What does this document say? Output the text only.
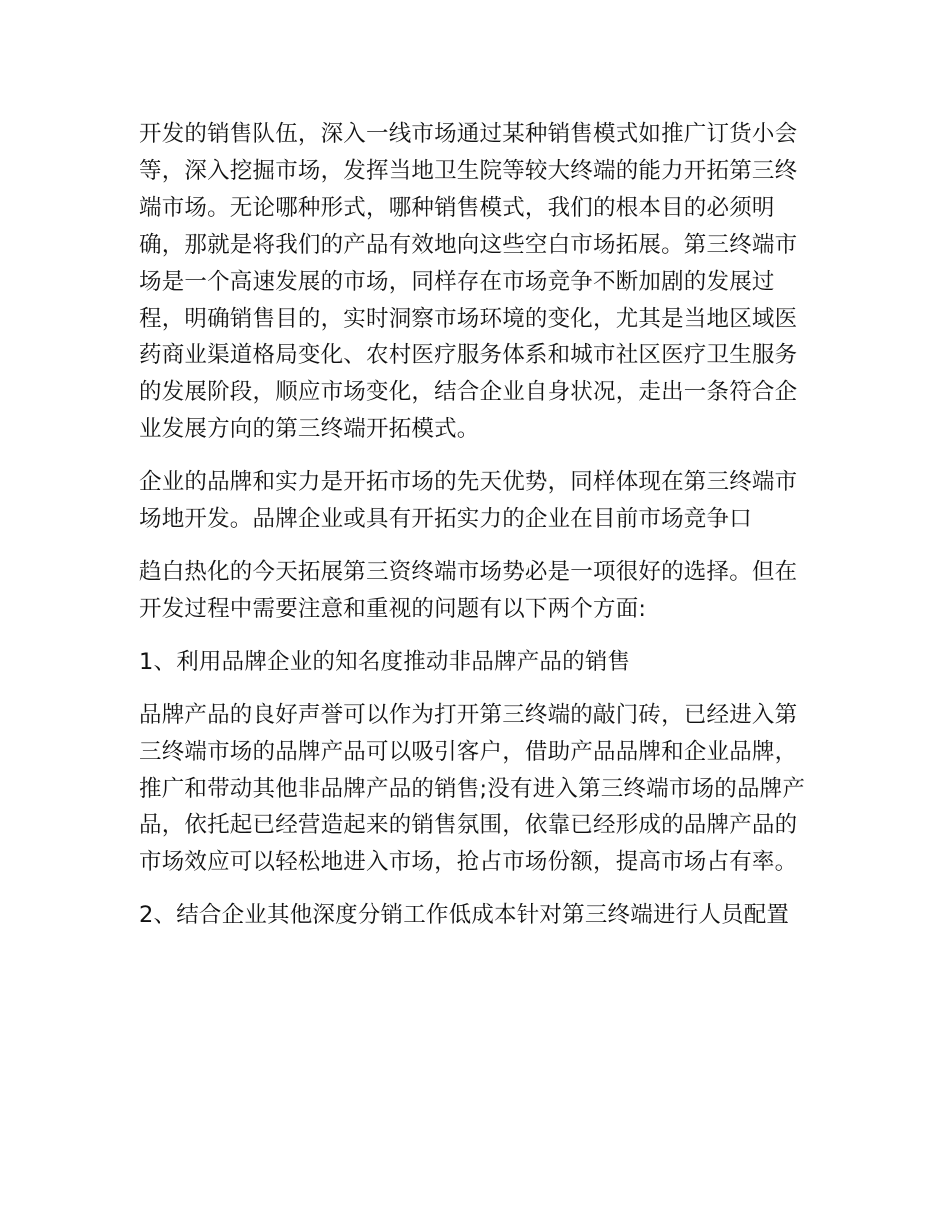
开发的销售队伍，深入一线市场通过某种销售模式如推广订货小会等，深入挖掘市场，发挥当地卫生院等较大终端的能力开拓第三终端市场。无论哪种形式，哪种销售模式，我们的根本目的必须明确，那就是将我们的产品有效地向这些空白市场拓展。第三终端市场是一个高速发展的市场，同样存在市场竞争不断加剧的发展过程，明确销售目的，实时洞察市场环境的变化，尤其是当地区域医药商业渠道格局变化、农村医疗服务体系和城市社区医疗卫生服务的发展阶段，顺应市场变化，结合企业自身状况，走出一条符合企业发展方向的第三终端开拓模式。

企业的品牌和实力是开拓市场的先天优势，同样体现在第三终端市场地开发。品牌企业或具有开拓实力的企业在目前市场竞争口

趋白热化的今天拓展第三资终端市场势必是一项很好的选择。但在开发过程中需要注意和重视的问题有以下两个方面:

1、利用品牌企业的知名度推动非品牌产品的销售

品牌产品的良好声誉可以作为打开第三终端的敲门砖，已经进入第三终端市场的品牌产品可以吸引客户，借助产品品牌和企业品牌，推广和带动其他非品牌产品的销售;没有进入第三终端市场的品牌产品，依托起已经营造起来的销售氛围，依靠已经形成的品牌产品的市场效应可以轻松地进入市场，抢占市场份额，提高市场占有率。

2、结合企业其他深度分销工作低成本针对第三终端进行人员配置
